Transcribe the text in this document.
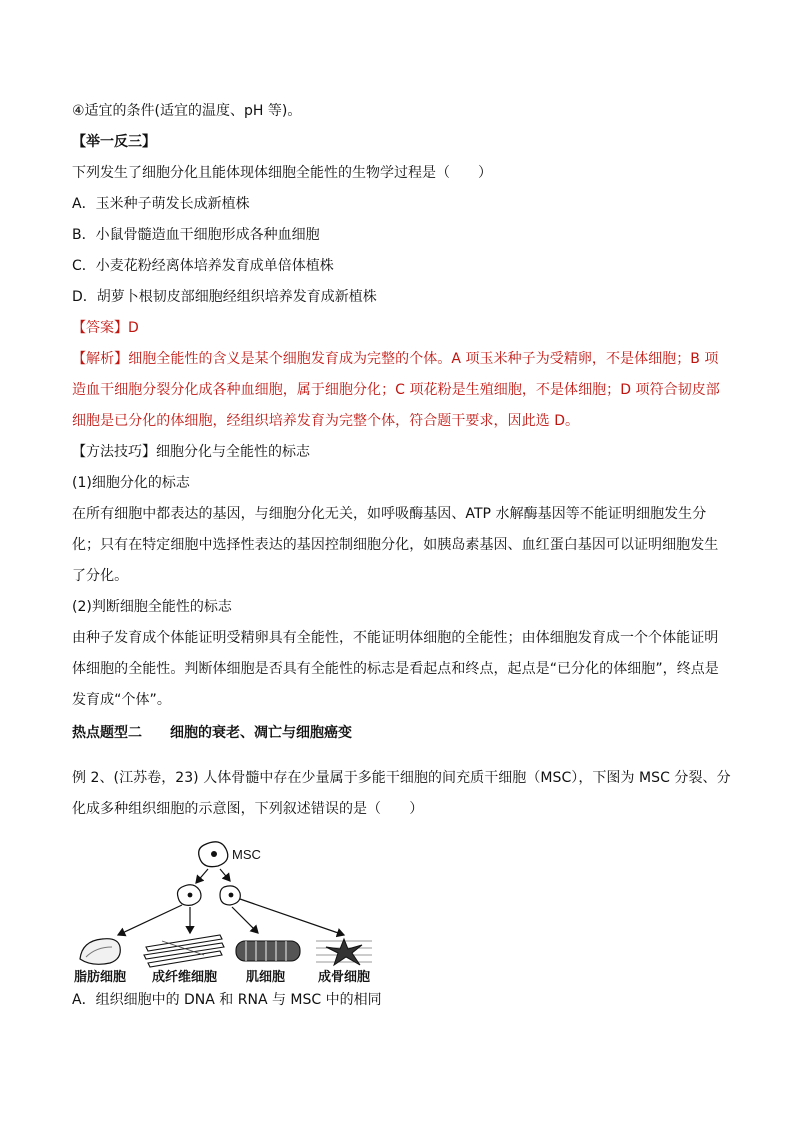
④适宜的条件(适宜的温度、pH 等)。

【举一反三】

下列发生了细胞分化且能体现体细胞全能性的生物学过程是（　　）

A．玉米种子萌发长成新植株

B．小鼠骨髓造血干细胞形成各种血细胞

C．小麦花粉经离体培养发育成单倍体植株

D．胡萝卜根韧皮部细胞经组织培养发育成新植株

【答案】D

【解析】细胞全能性的含义是某个细胞发育成为完整的个体。A 项玉米种子为受精卵，不是体细胞；B 项造血干细胞分裂分化成各种血细胞，属于细胞分化；C 项花粉是生殖细胞，不是体细胞；D 项符合韧皮部细胞是已分化的体细胞，经组织培养发育为完整个体，符合题干要求，因此选 D。

【方法技巧】细胞分化与全能性的标志

(1)细胞分化的标志

在所有细胞中都表达的基因，与细胞分化无关，如呼吸酶基因、ATP 水解酶基因等不能证明细胞发生分化；只有在特定细胞中选择性表达的基因控制细胞分化，如胰岛素基因、血红蛋白基因可以证明细胞发生了分化。

(2)判断细胞全能性的标志

由种子发育成个体能证明受精卵具有全能性，不能证明体细胞的全能性；由体细胞发育成一个个体能证明体细胞的全能性。判断体细胞是否具有全能性的标志是看起点和终点，起点是“已分化的体细胞”，终点是发育成“个体”。

热点题型二 细胞的衰老、凋亡与细胞癌变

例 2、(江苏卷，23) 人体骨髓中存在少量属于多能干细胞的间充质干细胞（MSC），下图为 MSC 分裂、分化成多种组织细胞的示意图，下列叙述错误的是（　　）

MSC
脂肪细胞 成纤维细胞 肌细胞	成骨细胞

A．组织细胞中的 DNA 和 RNA 与 MSC 中的相同
